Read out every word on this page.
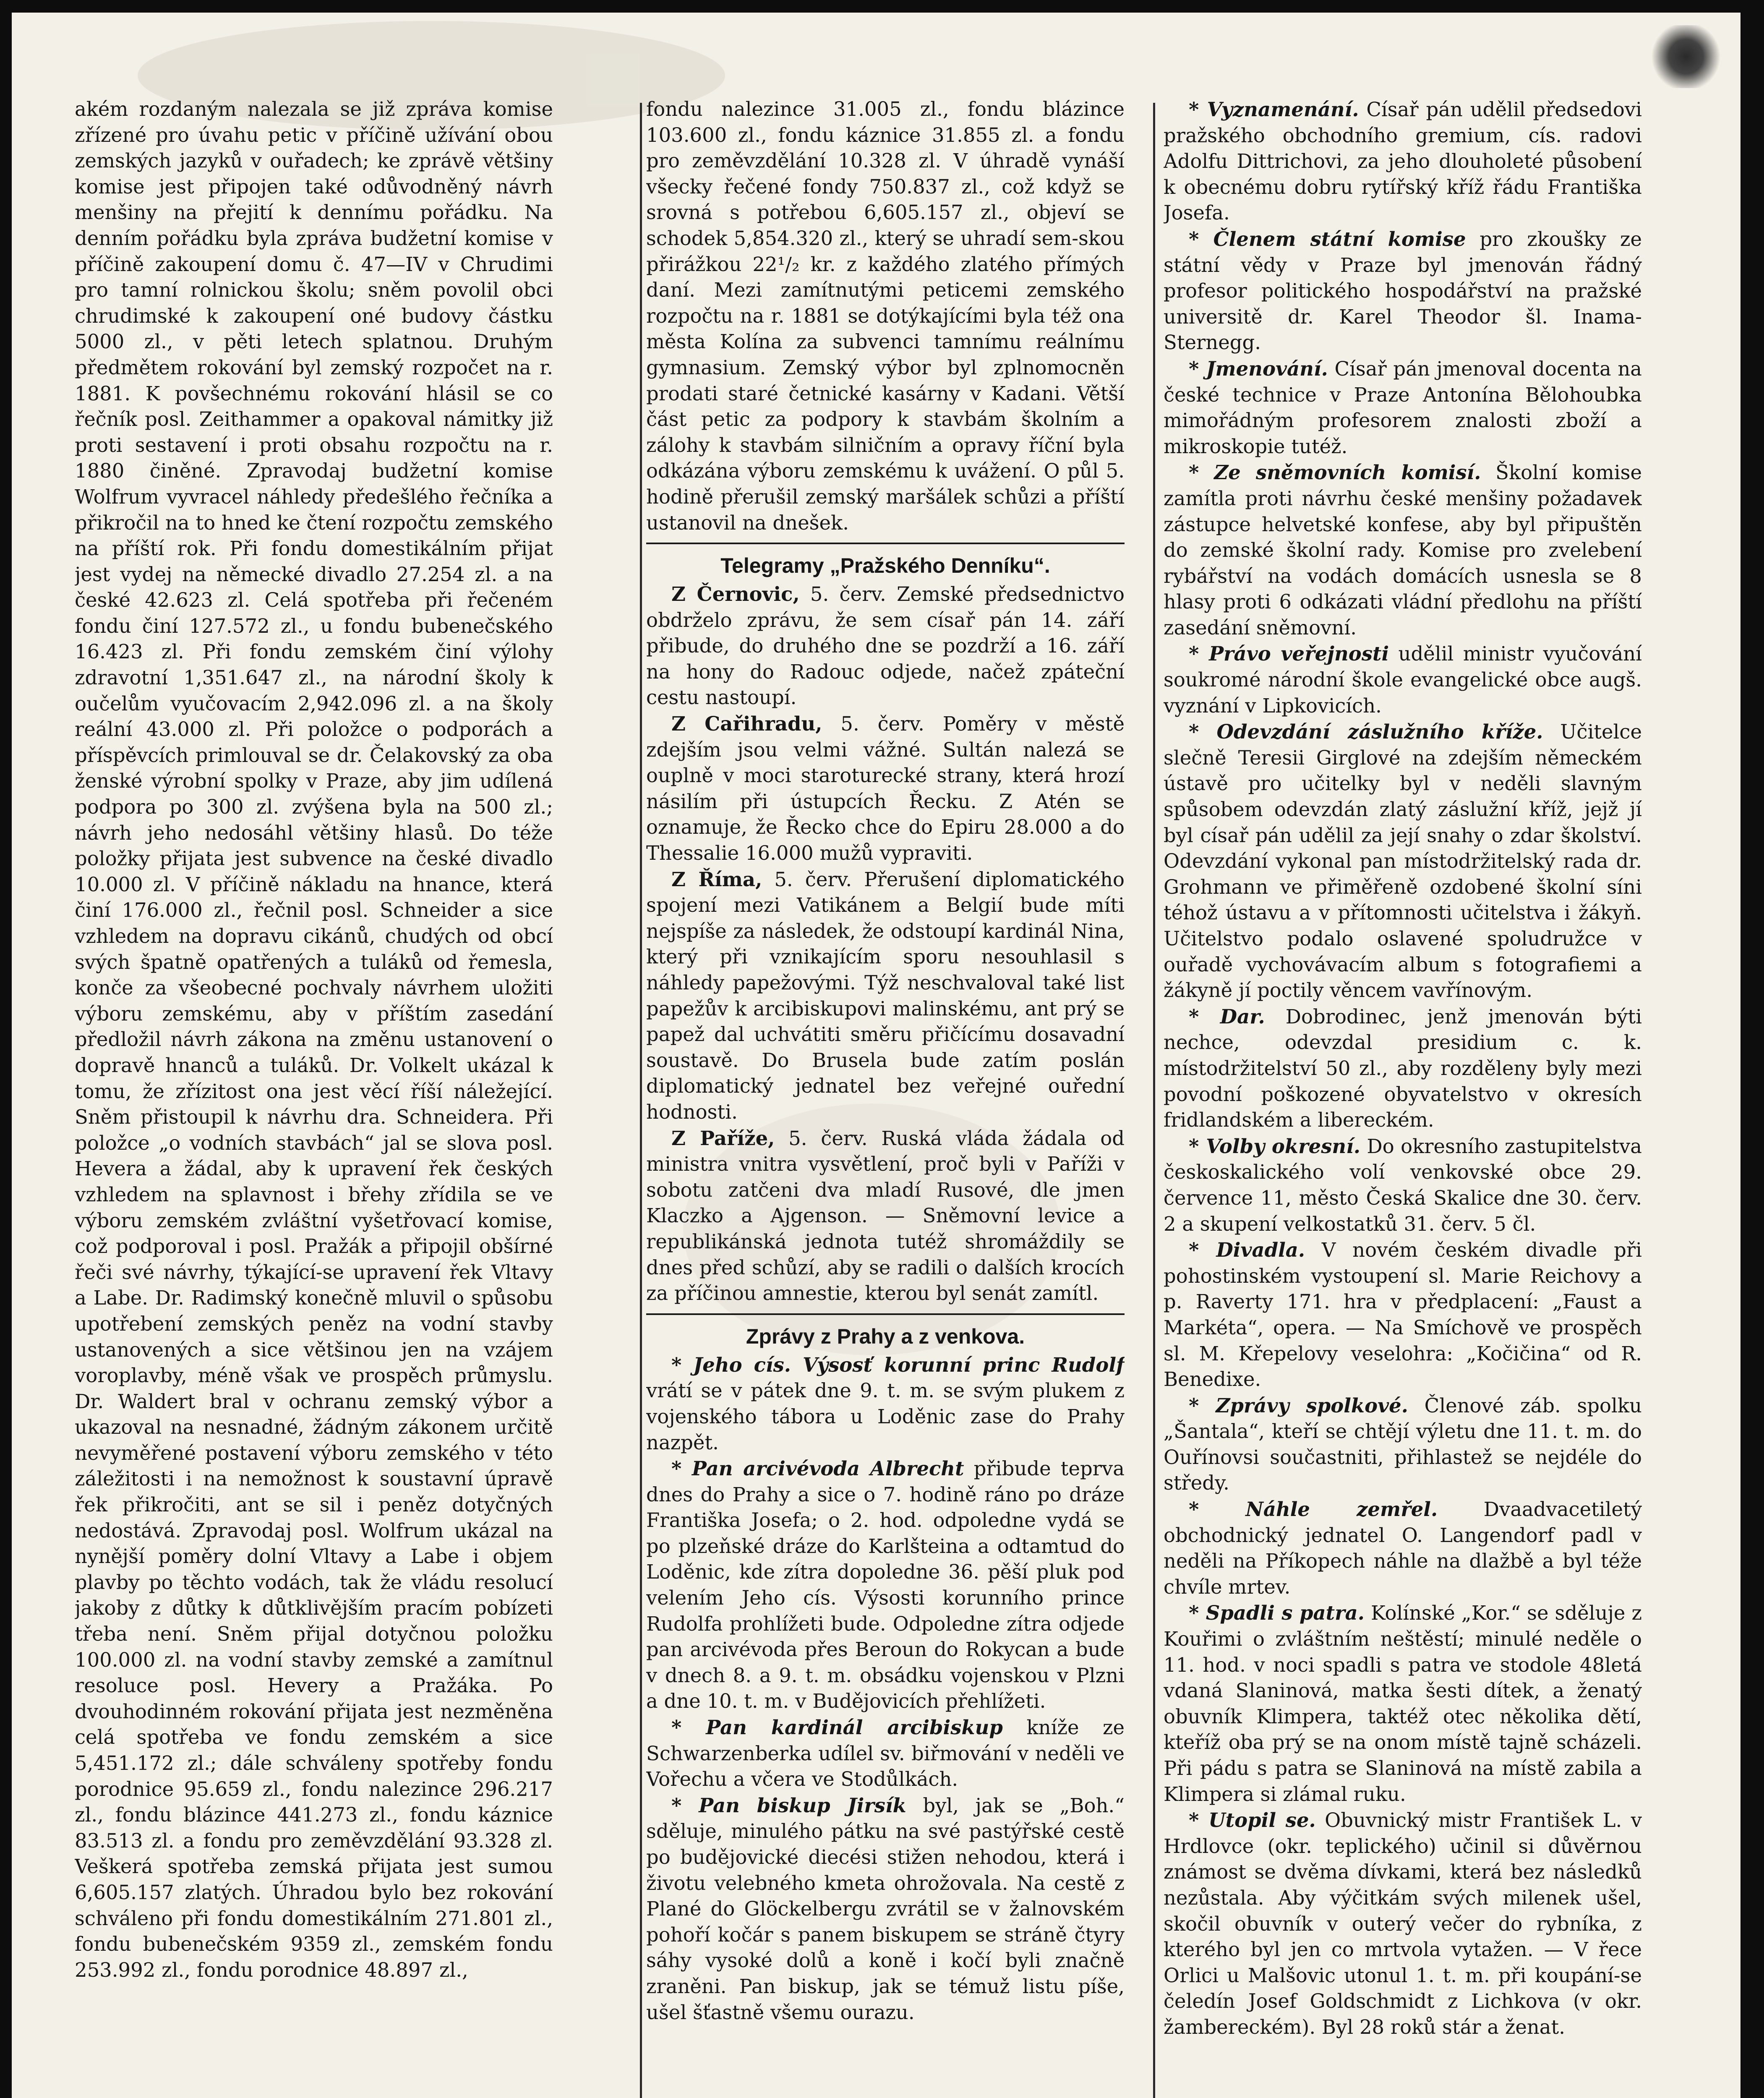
akém rozdaným nalezala se již zpráva komise zřízené pro úvahu petic v příčině užívání obou zemských jazyků v ouřadech; ke zprávě většiny komise jest připojen také odůvodněný návrh menšiny na přejití k dennímu pořádku. Na denním pořádku byla zpráva budžetní komise v příčině zakoupení domu č. 47—IV v Chrudimi pro tamní rolnickou školu; sněm povolil obci chrudimské k zakoupení oné budovy částku 5000 zl., v pěti letech splatnou. Druhým předmětem rokování byl zemský rozpočet na r. 1881. K povšechnému rokování hlásil se co řečník posl. Zeithammer a opakoval námitky již proti sestavení i proti obsahu rozpočtu na r. 1880 činěné. Zpravodaj budžetní komise Wolfrum vyvracel náhledy předešlého řečníka a přikročil na to hned ke čtení rozpočtu zemského na příští rok. Při fondu domestikálním přijat jest vydej na německé divadlo 27.254 zl. a na české 42.623 zl. Celá spotřeba při řečeném fondu činí 127.572 zl., u fondu bubenečského 16.423 zl. Při fondu zemském činí výlohy zdravotní 1,351.647 zl., na národní školy k oučelům vyučovacím 2,942.096 zl. a na školy reální 43.000 zl. Při položce o podporách a příspěvcích primlouval se dr. Čelakovský za oba ženské výrobní spolky v Praze, aby jim udílená podpora po 300 zl. zvýšena byla na 500 zl.; návrh jeho nedosáhl většiny hlasů. Do téže položky přijata jest subvence na české divadlo 10.000 zl. V příčině nákladu na hnance, která činí 176.000 zl., řečnil posl. Schneider a sice vzhledem na dopravu cikánů, chudých od obcí svých špatně opatřených a tuláků od řemesla, konče za všeobecné pochvaly návrhem uložiti výboru zemskému, aby v příštím zasedání předložil návrh zákona na změnu ustanovení o dopravě hnanců a tuláků. Dr. Volkelt ukázal k tomu, že zřízitost ona jest věcí říší náležející. Sněm přistoupil k návrhu dra. Schneidera. Při položce „o vodních stavbách“ jal se slova posl. Hevera a žádal, aby k upravení řek českých vzhledem na splavnost i břehy zřídila se ve výboru zemském zvláštní vyšetřovací komise, což podporoval i posl. Pražák a připojil obšírné řeči své návrhy, týkající-se upravení řek Vltavy a Labe. Dr. Radimský konečně mluvil o spůsobu upotřebení zemských peněz na vodní stavby ustanovených a sice většinou jen na vzájem voroplavby, méně však ve prospěch průmyslu. Dr. Waldert bral v ochranu zemský výbor a ukazoval na nesnadné, žádným zákonem určitě nevyměřené postavení výboru zemského v této záležitosti i na nemožnost k soustavní úpravě řek přikročiti, ant se sil i peněz dotyčných nedostává. Zpravodaj posl. Wolfrum ukázal na nynější poměry dolní Vltavy a Labe i objem plavby po těchto vodách, tak že vládu resolucí jakoby z důtky k důtklivějším pracím pobízeti třeba není. Sněm přijal dotyčnou položku 100.000 zl. na vodní stavby zemské a zamítnul resoluce posl. Hevery a Pražáka. Po dvouhodinném rokování přijata jest nezměněna celá spotřeba ve fondu zemském a sice 5,451.172 zl.; dále schváleny spotřeby fondu porodnice 95.659 zl., fondu nalezince 296.217 zl., fondu blázince 441.273 zl., fondu káznice 83.513 zl. a fondu pro zeměvzdělání 93.328 zl. Veškerá spotřeba zemská přijata jest sumou 6,605.157 zlatých. Úhradou bylo bez rokování schváleno při fondu domestikálním 271.801 zl., fondu bubenečském 9359 zl., zemském fondu 253.992 zl., fondu porodnice 48.897 zl.,

fondu nalezince 31.005 zl., fondu blázince 103.600 zl., fondu káznice 31.855 zl. a fondu pro zeměvzdělání 10.328 zl. V úhradě vynáší všecky řečené fondy 750.837 zl., což když se srovná s potřebou 6,605.157 zl., objeví se schodek 5,854.320 zl., který se uhradí sem-skou přirážkou 22¹/₂ kr. z každého zlatého přímých daní. Mezi zamítnutými peticemi zemského rozpočtu na r. 1881 se dotýkajícími byla též ona města Kolína za subvenci tamnímu reálnímu gymnasium. Zemský výbor byl zplnomocněn prodati staré četnické kasárny v Kadani. Větší část petic za podpory k stavbám školním a zálohy k stavbám silničním a opravy říční byla odkázána výboru zemskému k uvážení. O půl 5. hodině přerušil zemský maršálek schůzi a příští ustanovil na dnešek.

Telegramy „Pražského Denníku“.

Z Černovic, 5. červ. Zemské předsednictvo obdrželo zprávu, že sem císař pán 14. září přibude, do druhého dne se pozdrží a 16. září na hony do Radouc odjede, načež zpáteční cestu nastoupí.

Z Cařihradu, 5. červ. Poměry v městě zdejším jsou velmi vážné. Sultán nalezá se ouplně v moci staroturecké strany, která hrozí násilím při ústupcích Řecku. Z Atén se oznamuje, že Řecko chce do Epiru 28.000 a do Thessalie 16.000 mužů vypraviti.

Z Říma, 5. červ. Přerušení diplomatického spojení mezi Vatikánem a Belgií bude míti nejspíše za následek, že odstoupí kardinál Nina, který při vznikajícím sporu nesouhlasil s náhledy papežovými. Týž neschvaloval také list papežův k arcibiskupovi malinskému, ant prý se papež dal uchvátiti směru přičícímu dosavadní soustavě. Do Brusela bude zatím poslán diplomatický jednatel bez veřejné ouřední hodnosti.

Z Paříže, 5. červ. Ruská vláda žádala od ministra vnitra vysvětlení, proč byli v Paříži v sobotu zatčeni dva mladí Rusové, dle jmen Klaczko a Ajgenson. — Sněmovní levice a republikánská jednota tutéž shromáždily se dnes před schůzí, aby se radili o dalších krocích za příčinou amnestie, kterou byl senát zamítl.

Zprávy z Prahy a z venkova.

* Jeho cís. Výsosť korunní princ Rudolf vrátí se v pátek dne 9. t. m. se svým plukem z vojenského tábora u Loděnic zase do Prahy nazpět.

* Pan arcivévoda Albrecht přibude teprva dnes do Prahy a sice o 7. hodině ráno po dráze Františka Josefa; o 2. hod. odpoledne vydá se po plzeňské dráze do Karlšteina a odtamtud do Loděnic, kde zítra dopoledne 36. pěší pluk pod velením Jeho cís. Výsosti korunního prince Rudolfa prohlížeti bude. Odpoledne zítra odjede pan arcivévoda přes Beroun do Rokycan a bude v dnech 8. a 9. t. m. obsádku vojenskou v Plzni a dne 10. t. m. v Budějovicích přehlížeti.

* Pan kardinál arcibiskup kníže ze Schwarzenberka udílel sv. biřmování v neděli ve Vořechu a včera ve Stodůlkách.

* Pan biskup Jirsík byl, jak se „Boh.“ sděluje, minulého pátku na své pastýřské cestě po budějovické diecési stižen nehodou, která i životu velebného kmeta ohrožovala. Na cestě z Plané do Glöckelbergu zvrátil se v žalnovském pohoří kočár s panem biskupem se stráně čtyry sáhy vysoké dolů a koně i kočí byli značně zraněni. Pan biskup, jak se témuž listu píše, ušel šťastně všemu ourazu.

* Vyznamenání. Císař pán udělil předsedovi pražského obchodního gremium, cís. radovi Adolfu Dittrichovi, za jeho dlouholeté působení k obecnému dobru rytířský kříž řádu Františka Josefa.

* Členem státní komise pro zkoušky ze státní vědy v Praze byl jmenován řádný profesor politického hospodářství na pražské universitě dr. Karel Theodor šl. Inama-Sternegg.

* Jmenování. Císař pán jmenoval docenta na české technice v Praze Antonína Bělohoubka mimořádným profesorem znalosti zboží a mikroskopie tutéž.

* Ze sněmovních komisí. Školní komise zamítla proti návrhu české menšiny požadavek zástupce helvetské konfese, aby byl připuštěn do zemské školní rady. Komise pro zvelebení rybářství na vodách domácích usnesla se 8 hlasy proti 6 odkázati vládní předlohu na příští zasedání sněmovní.

* Právo veřejnosti udělil ministr vyučování soukromé národní škole evangelické obce augš. vyznání v Lipkovicích.

* Odevzdání záslužního kříže. Učitelce slečně Teresii Girglové na zdejším německém ústavě pro učitelky byl v neděli slavným spůsobem odevzdán zlatý záslužní kříž, jejž jí byl císař pán udělil za její snahy o zdar školství. Odevzdání vykonal pan místodržitelský rada dr. Grohmann ve přiměřeně ozdobené školní síni téhož ústavu a v přítomnosti učitelstva i žákyň. Učitelstvo podalo oslavené spoludružce v ouřadě vychovávacím album s fotografiemi a žákyně jí poctily věncem vavřínovým.

* Dar. Dobrodinec, jenž jmenován býti nechce, odevzdal presidium c. k. místodržitelství 50 zl., aby rozděleny byly mezi povodní poškozené obyvatelstvo v okresích fridlandském a libereckém.

* Volby okresní. Do okresního zastupitelstva českoskalického volí venkovské obce 29. července 11, město Česká Skalice dne 30. červ. 2 a skupení velkostatků 31. červ. 5 čl.

* Divadla. V novém českém divadle při pohostinském vystoupení sl. Marie Reichovy a p. Raverty 171. hra v předplacení: „Faust a Markéta“, opera. — Na Smíchově ve prospěch sl. M. Křepelovy veselohra: „Kočičina“ od R. Benedixe.

* Zprávy spolkové. Členové záb. spolku „Šantala“, kteří se chtějí výletu dne 11. t. m. do Ouřínovsi součastniti, přihlastež se nejdéle do středy.

* Náhle zemřel. Dvaadvacetiletý obchodnický jednatel O. Langendorf padl v neděli na Příkopech náhle na dlažbě a byl téže chvíle mrtev.

* Spadli s patra. Kolínské „Kor.“ se sděluje z Kouřimi o zvláštním neštěstí; minulé neděle o 11. hod. v noci spadli s patra ve stodole 48letá vdaná Slaninová, matka šesti dítek, a ženatý obuvník Klimpera, taktéž otec několika dětí, kteříž oba prý se na onom místě tajně scházeli. Při pádu s patra se Slaninová na místě zabila a Klimpera si zlámal ruku.

* Utopil se. Obuvnický mistr František L. v Hrdlovce (okr. teplického) učinil si důvěrnou známost se dvěma dívkami, která bez následků nezůstala. Aby výčitkám svých milenek ušel, skočil obuvník v outerý večer do rybníka, z kterého byl jen co mrtvola vytažen. — V řece Orlici u Malšovic utonul 1. t. m. při koupání-se čeledín Josef Goldschmidt z Lichkova (v okr. žambereckém). Byl 28 roků stár a ženat.
